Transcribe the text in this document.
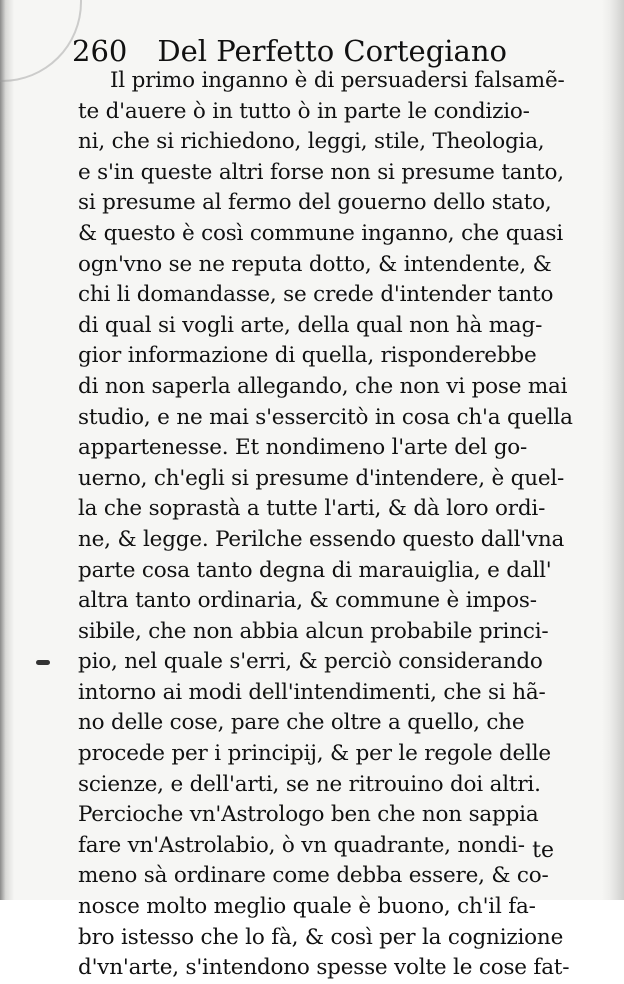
260 Del Perfetto Cortegiano
Il primo inganno è di persuadersi falsamẽ-
te d'auere ò in tutto ò in parte le condizio-
ni, che si richiedono, leggi, stile, Theologia,
e s'in queste altri forse non si presume tanto,
si presume al fermo del gouerno dello stato,
& questo è così commune inganno, che quasi
ogn'vno se ne reputa dotto, & intendente, &
chi li domandasse, se crede d'intender tanto
di qual si vogli arte, della qual non hà mag-
gior informazione di quella, risponderebbe
di non saperla allegando, che non vi pose mai
studio, e ne mai s'essercitò in cosa ch'a quella
appartenesse. Et nondimeno l'arte del go-
uerno, ch'egli si presume d'intendere, è quel-
la che soprastà a tutte l'arti, & dà loro ordi-
ne, & legge. Perilche essendo questo dall'vna
parte cosa tanto degna di marauiglia, e dall'
altra tanto ordinaria, & commune è impos-
sibile, che non abbia alcun probabile princi-
pio, nel quale s'erri, & perciò considerando
intorno ai modi dell'intendimenti, che si hã-
no delle cose, pare che oltre a quello, che
procede per i principij, & per le regole delle
scienze, e dell'arti, se ne ritrouino doi altri.
Percioche vn'Astrologo ben che non sappia
fare vn'Astrolabio, ò vn quadrante, nondi-
meno sà ordinare come debba essere, & co-
nosce molto meglio quale è buono, ch'il fa-
bro istesso che lo fà, & così per la cognizione
d'vn'arte, s'intendono spesse volte le cose fat-
te
